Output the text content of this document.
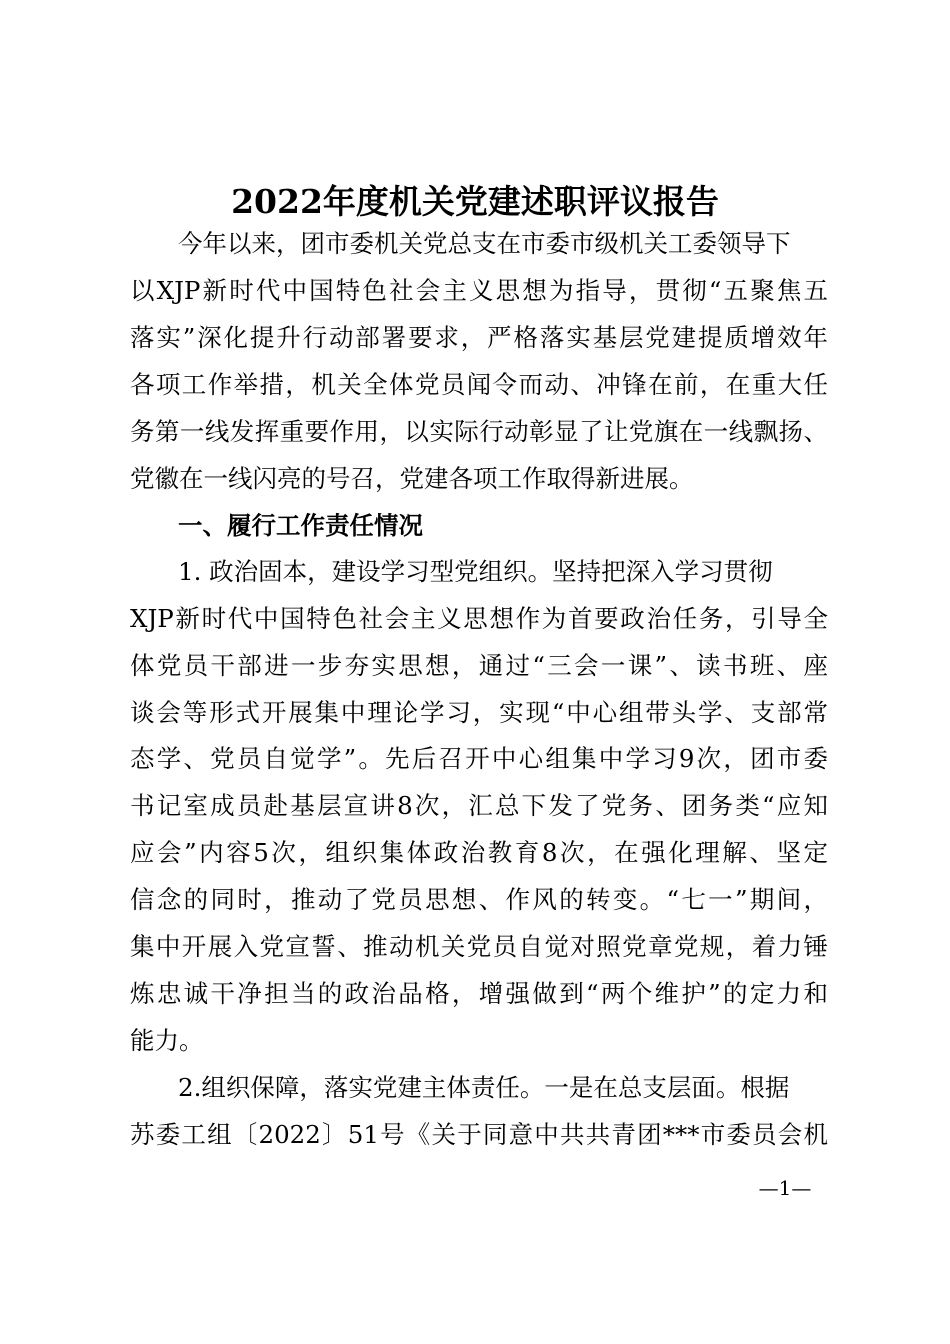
2022年度机关党建述职评议报告
今年以来，团市委机关党总支在市委市级机关工委领导下
以XJP新时代中国特色社会主义思想为指导，贯彻“五聚焦五
落实”深化提升行动部署要求，严格落实基层党建提质增效年
各项工作举措，机关全体党员闻令而动、冲锋在前，在重大任
务第一线发挥重要作用，以实际行动彰显了让党旗在一线飘扬、
党徽在一线闪亮的号召，党建各项工作取得新进展。
一、履行工作责任情况
1. 政治固本，建设学习型党组织。坚持把深入学习贯彻
XJP新时代中国特色社会主义思想作为首要政治任务，引导全
体党员干部进一步夯实思想，通过“三会一课”、读书班、座
谈会等形式开展集中理论学习，实现“中心组带头学、支部常
态学、党员自觉学”。先后召开中心组集中学习9次，团市委
书记室成员赴基层宣讲8次，汇总下发了党务、团务类“应知
应会”内容5次，组织集体政治教育8次，在强化理解、坚定
信念的同时，推动了党员思想、作风的转变。“七一”期间，
集中开展入党宣誓、推动机关党员自觉对照党章党规，着力锤
炼忠诚干净担当的政治品格，增强做到“两个维护”的定力和
能力。
2.组织保障，落实党建主体责任。一是在总支层面。根据
苏委工组〔2022〕51号《关于同意中共共青团***市委员会机
—1—
